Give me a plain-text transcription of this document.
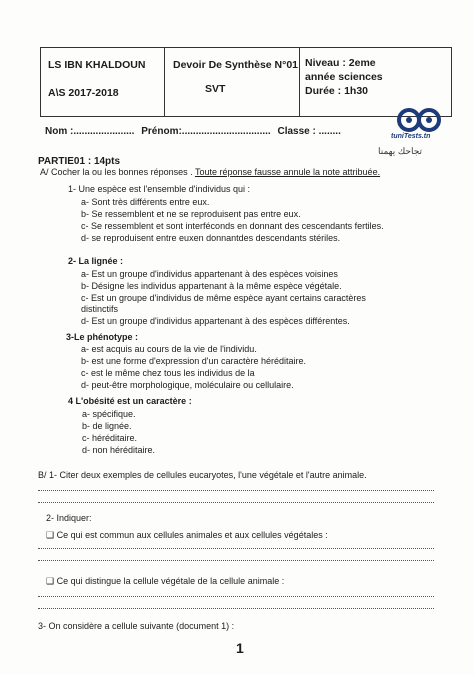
LS IBN KHALDOUN
A\S 2017-2018
Devoir De Synthèse N°01
SVT
Niveau : 2eme
année sciences
Durée : 1h30
Nom :...................... Prénom:................................ Classe : ........	tuniTests.tn
تجاحك يهمنا
PARTIE01 : 14pts
A/ Cocher la ou les bonnes réponses . Toute réponse fausse annule la note attribuée.
1- Une espèce est l'ensemble d'individus qui :
a- Sont très différents entre eux.
b- Se ressemblent et ne se reproduisent pas entre eux.
c- Se ressemblent et sont interféconds en donnant des cescendants fertiles.
d- se reproduisent entre euxen donnantdes descendants stériles.
2- La lignée :
a- Est un groupe d'individus appartenant à des espèces voisines
b- Désigne les individus appartenant à la même espèce végétale.
c- Est un groupe d'individus de même espèce ayant certains caractères
distinctifs
d- Est un groupe d'individus appartenant à des espèces différentes.
3-Le phénotype :
a- est acquis au cours de la vie de l'individu.
b- est une forme d'expression d'un caractère héréditaire.
c- est le même chez tous les individus de la
d- peut-être morphologique, moléculaire ou cellulaire.
4 L'obésité est un caractère :
a- spécifique.
b- de lignée.
c- héréditaire.
d- non héréditaire.
B/ 1- Citer deux exemples de cellules eucaryotes, l'une végétale et l'autre animale.
2- Indiquer:
❑ Ce qui est commun aux cellules animales et aux cellules végétales :
❑ Ce qui distingue la cellule végétale de la cellule animale :
3- On considère a cellule suivante (document 1) :
1
